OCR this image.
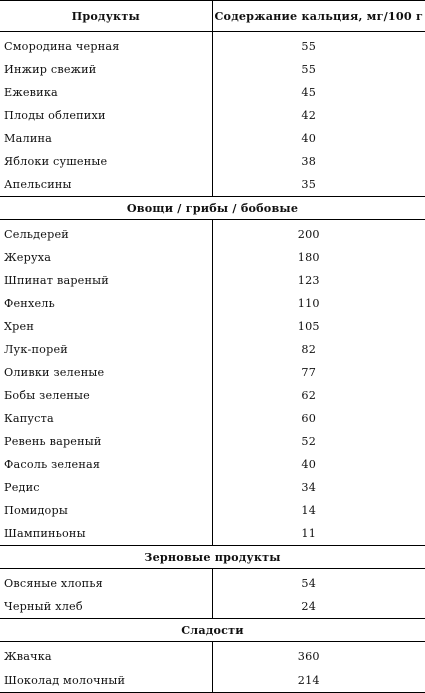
Продукты	Содержание кальция, мг/100 г
Смородина черная	55
Инжир свежий	55
Ежевика	45
Плоды облепихи	42
Малина	40
Яблоки сушеные	38
Апельсины	35
Овощи / грибы / бобовые	
Сельдерей	200
Жеруха	180
Шпинат вареный	123
Фенхель	110
Хрен	105
Лук-порей	82
Оливки зеленые	77
Бобы зеленые	62
Капуста	60
Ревень вареный	52
Фасоль зеленая	40
Редис	34
Помидоры	14
Шампиньоны	11
Зерновые продукты	
Овсяные хлопья	54
Черный хлеб	24
Сладости	
Жвачка	360
Шоколад молочный	214
